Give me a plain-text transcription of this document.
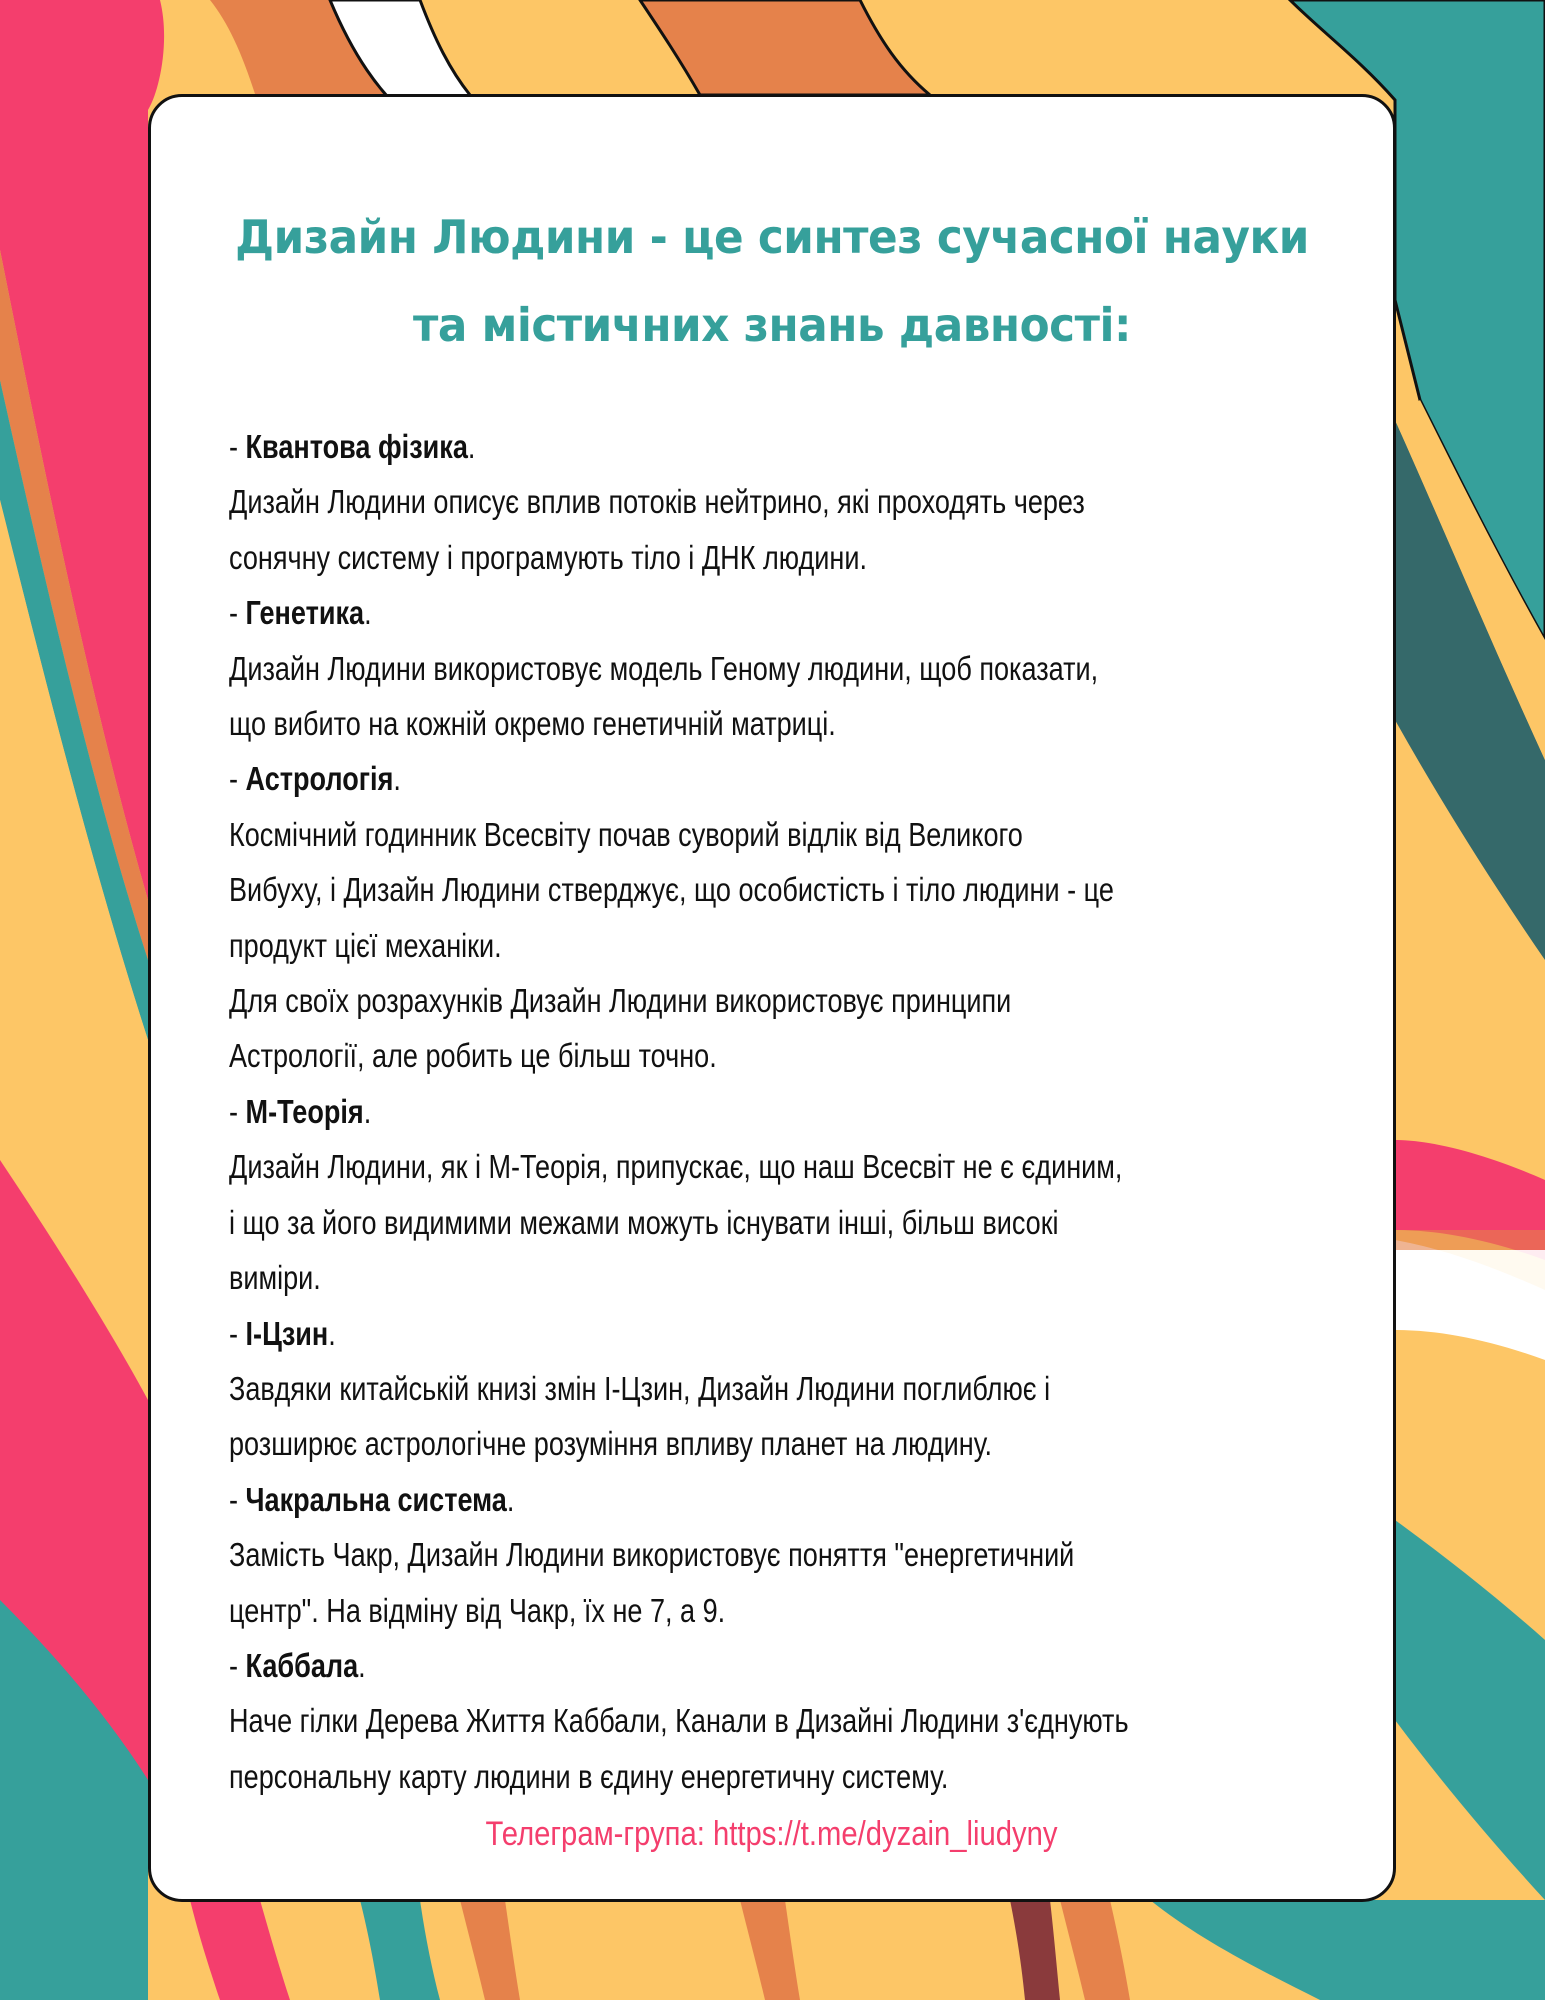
Дизайн Людини - це синтез сучасної науки
та містичних знань давності:
- Квантова фізика.
Дизайн Людини описує вплив потоків нейтрино, які проходять через
сонячну систему і програмують тіло і ДНК людини.
- Генетика.
Дизайн Людини використовує модель Геному людини, щоб показати,
що вибито на кожній окремо генетичній матриці.
- Астрологія.
Космічний годинник Всесвіту почав суворий відлік від Великого
Вибуху, і Дизайн Людини стверджує, що особистість і тіло людини - це
продукт цієї механіки.
Для своїх розрахунків Дизайн Людини використовує принципи
Астрології, але робить це більш точно.
- М-Теорія.
Дизайн Людини, як і М-Теорія, припускає, що наш Всесвіт не є єдиним,
і що за його видимими межами можуть існувати інші, більш високі
виміри.
- І-Цзин.
Завдяки китайській книзі змін І-Цзин, Дизайн Людини поглиблює і
розширює астрологічне розуміння впливу планет на людину.
- Чакральна система.
Замість Чакр, Дизайн Людини використовує поняття "енергетичний
центр". На відміну від Чакр, їх не 7, а 9.
- Каббала.
Наче гілки Дерева Життя Каббали, Канали в Дизайні Людини з'єднують
персональну карту людини в єдину енергетичну систему.
Телеграм-група: https://t.me/dyzain_liudyny
